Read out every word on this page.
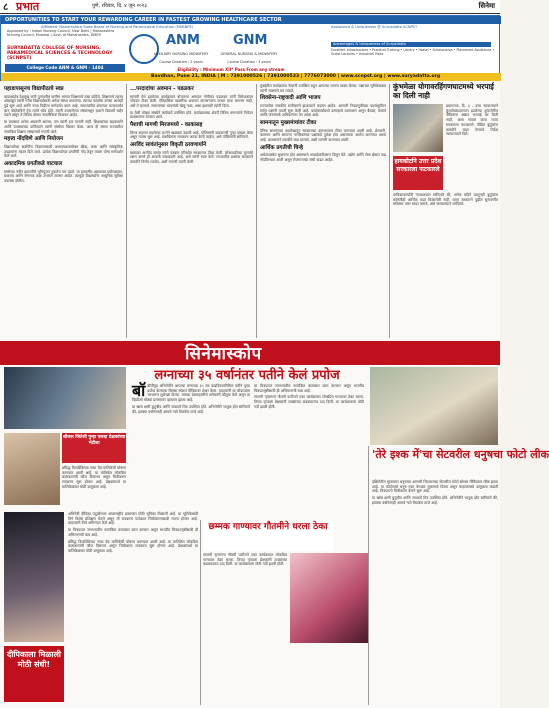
८ प्रभात	पुणे, रविवार, दि. ४ जून २०२३	सिनेमा
OPPORTUNITIES TO START YOUR REWARDING CAREER IN FASTEST GROWING HEALTHCARE SECTOR
Affiliated: Maharashtra State Board of Nursing and Paramedical Education (MSBNPE)
Approved by : Indian Nursing Council, New Delhi | Maharashtra Nursing Council, Mumbai | Govt. of Maharashtra, DMER
SURYADATTA COLLEGE OF NURSING, PARAMEDICAL SCIENCES & TECHNOLOGY (SCNPST)
College Code ANM & GNM - 1404
ANM
AUXILIARY NURSING MIDWIFERY
Course Duration : 2 years
GNM
GENERAL NURSING & MIDWIFERY
Course Duration : 3 years
Eligibility : Minimum XII* Pass From any stream
Assistance & Uniqueness @ Suryadatta SCNPST
Advantages & Uniqueness of Suryadatta
Excellent Infrastructure • Practical Training • Library • Hostel • Scholarships • Placement Assistance • Guest Lectures • Industrial Visits
Bavdhan, Pune 21, INDIA | M : 7391000526 | 7391000533 | 7776073000 | www.scnpst.org | www.suryadatta.org
पहाडापासूनच विद्यापीठाचे स्वप्न

बाळासाहेब देशमुख यांनी पुण्यातील ग्रामीण भागात शिक्षणाचे स्वप्न पाहिले. शिक्षणाचे महत्त्व ओळखून त्यांनी गरीब विद्यार्थ्यांसाठी अनेक संस्था उभारल्या. त्यांच्या कार्याचा वारसा आजही पुढे सुरू आहे आणि नव्या पिढीला मार्गदर्शन करत आहे. समाजातील शेवटच्या घटकापर्यंत ज्ञान पोहोचविणे हेच त्यांचे ध्येय होते. त्यांनी उभारलेल्या संस्थांमधून हजारो विद्यार्थी बाहेर पडले असून ते विविध क्षेत्रात नावलौकिक मिळवत आहेत.

या प्रवासात अनेक अडचणी आल्या; पण त्यांनी हार मानली नाही. शिक्षकांच्या सहकार्याने आणि ग्रामस्थांच्या पाठिंब्याने त्यांनी संस्थेचा विस्तार केला. आज ही संस्था राज्यातील नामांकित शिक्षण संस्थांमध्ये गणली जाते.

महत्त्व नोंदविणे आणि नियोजन

विद्यार्थ्यांच्या सर्वांगीण विकासासाठी अभ्यासक्रमासोबत क्रीडा, कला आणि सांस्कृतिक उपक्रमांना महत्त्व दिले जाते. प्रत्येक विद्यार्थ्याच्या प्रगतीची नोंद ठेवून त्याला योग्य मार्गदर्शन केले जाते.

अकादमिक प्रगतीकडे वाटचाल

संस्थेच्या नवीन इमारतीचे भूमिपूजन नुकतेच पार पडले. या इमारतीत अद्ययावत प्रयोगशाळा, ग्रंथालय आणि संगणक कक्ष उभारले जाणार आहेत. त्यामुळे विद्यार्थ्यांना आधुनिक सुविधा उपलब्ध होतील.

...परदादांचा अवमान - पडळकर

सांगली येथे झालेल्या कार्यक्रमात बोलताना आमदार गोपीचंद पडळकर यांनी विरोधकांवर जोरदार टीका केली. ऐतिहासिक व्यक्तींचा अवमान करणाऱ्यांना जनता माफ करणार नाही, असे ते म्हणाले. समाजाच्या भावनांशी खेळू नका, असा इशाराही त्यांनी दिला.

या वेळी मोठ्या संख्येने कार्यकर्ते उपस्थित होते. कार्यक्रमाच्या शेवटी विविध मागण्यांचे निवेदन प्रशासनाला देण्यात आले.

पैशाची मागणी मिरजमध्ये - काकासह

मिरज शहरात घडलेल्या घटनेने खळबळ उडाली आहे. पोलिसांनी याप्रकरणी गुन्हा दाखल केला असून तपास सुरू आहे. संशयितांना लवकरच अटक केली जाईल, असे पोलिसांनी सांगितले.

अरविंद सावंतांनुसार विकृती ठरवणार्याने

खासदार अरविंद सावंत यांनी पत्रकार परिषदेत सरकारवर टीका केली. लोकशाहीच्या मूल्यांचे रक्षण करणे ही आपली जबाबदारी आहे, असे त्यांनी स्पष्ट केले. राज्यातील प्रश्नांवर सरकारने तातडीने निर्णय घ्यावेत, अशी मागणी त्यांनी केली.

मुंबईतील कार्यक्रमात नेत्यांनी उपस्थित राहून आपल्या भावना व्यक्त केल्या. पक्षाच्या भूमिकेबाबत त्यांनी स्पष्टपणे मत मांडले.

शिवसेना-राष्ट्रवादी आणि भाजप

राज्यातील राजकीय समीकरणे झपाट्याने बदलत आहेत. आगामी निवडणुकीच्या पार्श्वभूमीवर सर्वच पक्षांनी तयारी सुरू केली आहे. कार्यकर्त्यांमध्ये उत्साहाचे वातावरण असून बैठका, मेळावे आणि जनसंपर्क अभियानांना वेग आला आहे.

सामनातून मुख्यमंत्र्यांवर टीका

दैनिक सामनाच्या अग्रलेखातून सरकारच्या कारभारावर टीका करण्यात आली आहे. शेतकरी, कामगार आणि सामान्य नागरिकांच्या प्रश्नांकडे दुर्लक्ष होत असल्याचा आरोप करण्यात आला आहे. प्रशासनाने तातडीने लक्ष घालावे, अशी मागणी करण्यात आली.

आर्थिक प्रगतीची चिन्हे

अर्थव्यवस्थेत सुधारणा होत असल्याचे आकडेवारीवरून दिसून येते. उद्योग आणि सेवा क्षेत्रात वाढ नोंदविण्यात आली असून रोजगाराच्या संधी वाढत आहेत.

कुंभमेळा योगावरहिंगणघाटमध्ये भरपाई का दिली नाही

प्रयागराज, दि. ३ - उच्च न्यायालयाने कुंभमेळ्यादरम्यान झालेल्या दुर्घटनेतील पीडितांना अद्याप भरपाई का दिली नाही, असा सवाल करत राज्य सरकारला फटकारले. पीडित कुटुंबांना तातडीने मदत देण्याचे निर्देश न्यायालयाने दिले.

हायकोर्टाने उत्तर प्रदेश सरकारला फटकारले

याचिकाकर्त्यांनी न्यायालयात सांगितले की, अनेक महिने उलटूनही कुटुंबांना कोणतीही आर्थिक मदत मिळालेली नाही. यावर सरकारने पुढील सुनावणीत सविस्तर उत्तर सादर करावे, असे न्यायालयाने सांगितले.

सिनेमास्कोप
लग्नाच्या ३५ वर्षानंतर पतीने केलं प्रपोज

बॉबॉलीवूड अभिनेत्रीने आपल्या लग्नाच्या ३५ व्या वाढदिवसानिमित्त पतीने पुन्हा प्रपोज केल्याचा किस्सा सोशल मीडियावर शेअर केला. चाहत्यांनी या जोडप्याला भरभरून शुभेच्छा दिल्या. त्यांच्या प्रेमकहाणीचे अनेकांनी कौतुक केले असून हा व्हिडीओ मोठ्या प्रमाणावर व्हायरल झाला आहे.

या खास क्षणी कुटुंबीय आणि जवळचे मित्र उपस्थित होते. अभिनेत्रीने भावूक होत सांगितले की, इतक्या वर्षांनंतरही आमचे नाते तितकेच ताजे आहे.

या चित्रपटात जगभरातील नामांकित कलाकार काम करणार असून भारतीय चित्रपटसृष्टीसाठी ही अभिमानाची बाब आहे.

लावणी नृत्यांगना गौतमी पाटीलने एका कार्यक्रमात लोकप्रिय गाण्यावर ठेका धरला. तिच्या नृत्याला प्रेक्षकांनी टाळ्यांच्या कडकडाटात दाद दिली. या कार्यक्रमाला मोठी गर्दी झाली होती.

'तेरे इश्क में'चा सेटवरील धनुषचा फोटो लीक

दक्षिणेतील सुपरस्टार धनुषच्या आगामी चित्रपटाच्या सेटवरील फोटो सोशल मीडियावर लीक झाला आहे. या फोटोमध्ये धनुष एका वेगळ्या लूकमध्ये दिसत असून चाहत्यांमध्ये उत्सुकता वाढली आहे. चित्रपटाचे चित्रीकरण वेगाने सुरू आहे.

या खास क्षणी कुटुंबीय आणि जवळचे मित्र उपस्थित होते. अभिनेत्रीने भावूक होत सांगितले की, इतक्या वर्षांनंतरही आमचे नाते तितकेच ताजे आहे.

श्रीजल जितेशी पुन्हा एकदा प्रेक्षकांच्या भेटीला

प्रसिद्ध दिग्दर्शिकेच्या नव्या वेब मालिकेची घोषणा करण्यात आली आहे. या मालिकेत लोकप्रिय कलाकारांची फौज दिसणार असून चित्रीकरण लवकरच सुरू होणार आहे. प्रेक्षकांमध्ये या मालिकेबाबत मोठी उत्सुकता आहे.

छम्मक गाण्यावर गौतमीने धरला ठेका

लावणी नृत्यांगना गौतमी पाटीलने एका कार्यक्रमात लोकप्रिय गाण्यावर ठेका धरला. तिच्या नृत्याला प्रेक्षकांनी टाळ्यांच्या कडकडाटात दाद दिली. या कार्यक्रमाला मोठी गर्दी झाली होती.

दीपिकाला मिळाली मोठी संधी!

अभिनेत्री दीपिका पदुकोणला आंतरराष्ट्रीय प्रकल्पात मोठी भूमिका मिळाली आहे. या भूमिकेसाठी तिने विशेष प्रशिक्षण घेतले असून ती लवकरच परदेशात चित्रीकरणासाठी रवाना होणार आहे. चाहत्यांनी तिचे अभिनंदन केले आहे.

या चित्रपटात जगभरातील नामांकित कलाकार काम करणार असून भारतीय चित्रपटसृष्टीसाठी ही अभिमानाची बाब आहे.

प्रसिद्ध दिग्दर्शिकेच्या नव्या वेब मालिकेची घोषणा करण्यात आली आहे. या मालिकेत लोकप्रिय कलाकारांची फौज दिसणार असून चित्रीकरण लवकरच सुरू होणार आहे. प्रेक्षकांमध्ये या मालिकेबाबत मोठी उत्सुकता आहे.
